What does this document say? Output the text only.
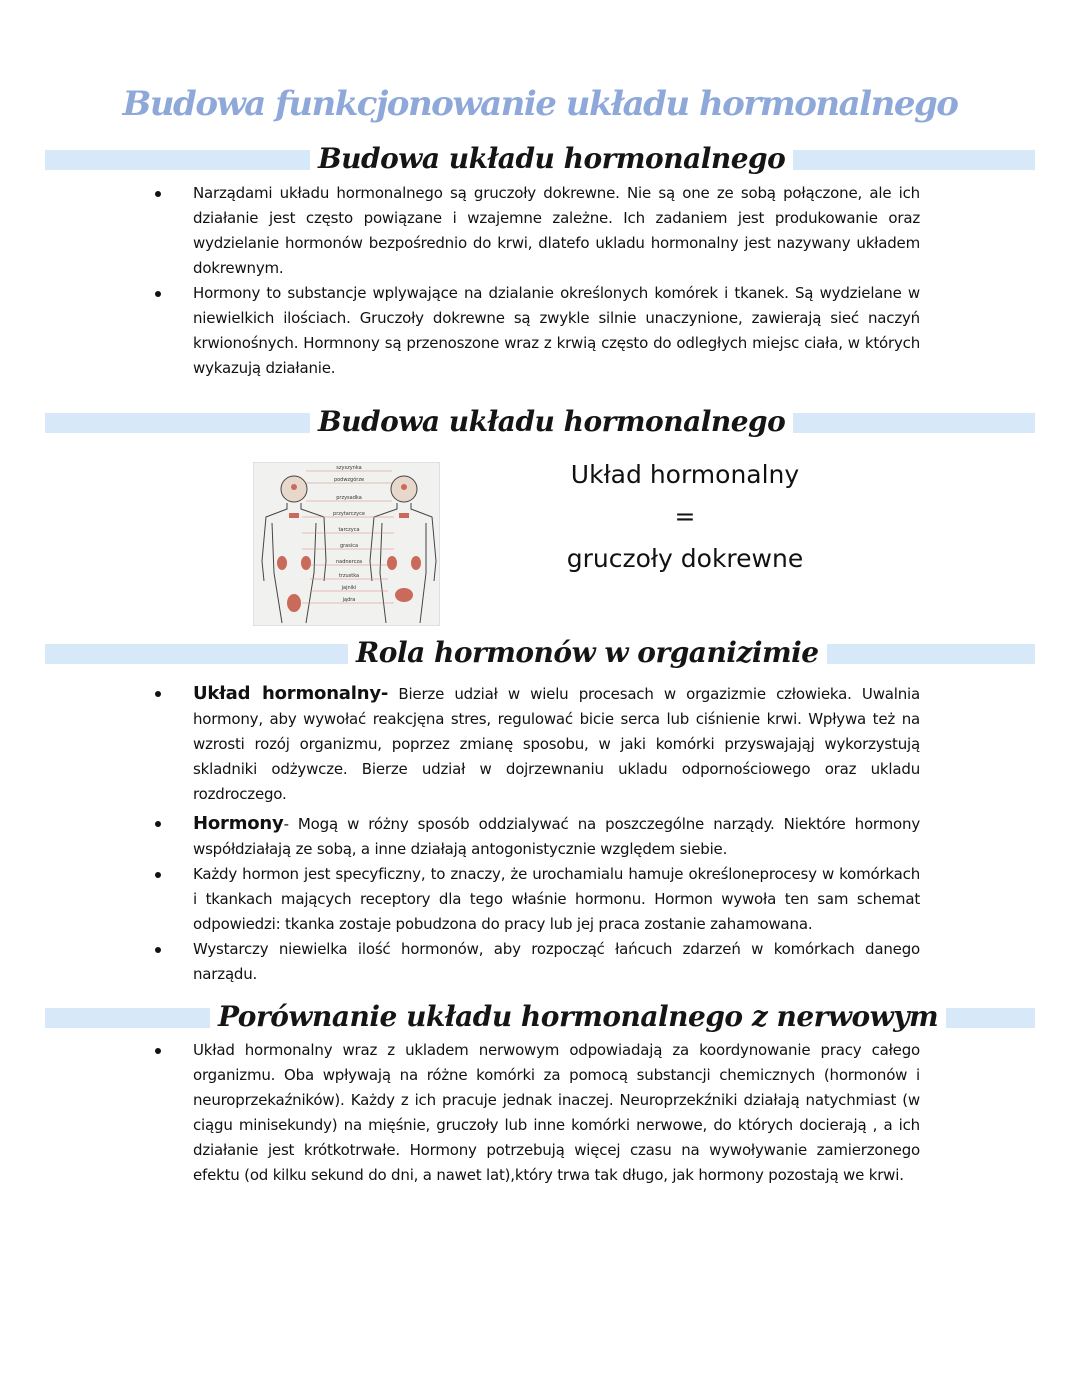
Budowa funkcjonowanie układu hormonalnego
Budowa układu hormonalnego
Narządami układu hormonalnego są gruczoły dokrewne. Nie są one ze sobą połączone, ale ich działanie jest często powiązane i wzajemne zależne. Ich zadaniem jest produkowanie oraz wydzielanie hormonów bezpośrednio do krwi, dlatefo ukladu hormonalny jest nazywany układem dokrewnym.
Hormony to substancje wplywające na dzialanie określonych komórek i tkanek. Są wydzielane w niewielkich ilościach. Gruczoły dokrewne są zwykle silnie unaczynione, zawierają sieć naczyń krwionośnych. Hormnony są przenoszone wraz z krwią często do odległych miejsc ciała, w których wykazują działanie.
Budowa układu hormonalnego
szyszynka
podwzgórze
przysadka
przytarczyce
tarczyca
grasica
nadnercza
trzustka
jajniki
jądra
Układ hormonalny
=
gruczoły dokrewne
Rola hormonów w organizimie
Układ hormonalny- Bierze udział w wielu procesach w orgazizmie człowieka. Uwalnia hormony, aby wywołać reakcjęna stres, regulować bicie serca lub ciśnienie krwi. Wpływa też na wzrosti rozój organizmu, poprzez zmianę sposobu, w jaki komórki przyswajająj wykorzystują skladniki odżywcze. Bierze udział w dojrzewnaniu ukladu odpornościowego oraz ukladu rozdroczego.
Hormony- Mogą w różny sposób oddzialywać na poszczególne narządy. Niektóre hormony współdziałają ze sobą, a inne działają antogonistycznie względem siebie.
Każdy hormon jest specyficzny, to znaczy, że urochamialu hamuje określoneprocesy w komórkach i tkankach mających receptory dla tego właśnie hormonu. Hormon wywoła ten sam schemat odpowiedzi: tkanka zostaje pobudzona do pracy lub jej praca zostanie zahamowana.
Wystarczy niewielka ilość hormonów, aby rozpocząć łańcuch zdarzeń w komórkach danego narządu.
Porównanie układu hormonalnego z nerwowym
Układ hormonalny wraz z ukladem nerwowym odpowiadają za koordynowanie pracy całego organizmu. Oba wpływają na różne komórki za pomocą substancji chemicznych (hormonów i neuroprzekaźników). Każdy z ich pracuje jednak inaczej. Neuroprzekźniki działają natychmiast (w ciągu minisekundy) na mięśnie, gruczoły lub inne komórki nerwowe, do których docierają , a ich działanie jest krótkotrwałe. Hormony potrzebują więcej czasu na wywoływanie zamierzonego efektu (od kilku sekund do dni, a nawet lat),który trwa tak długo, jak hormony pozostają we krwi.
